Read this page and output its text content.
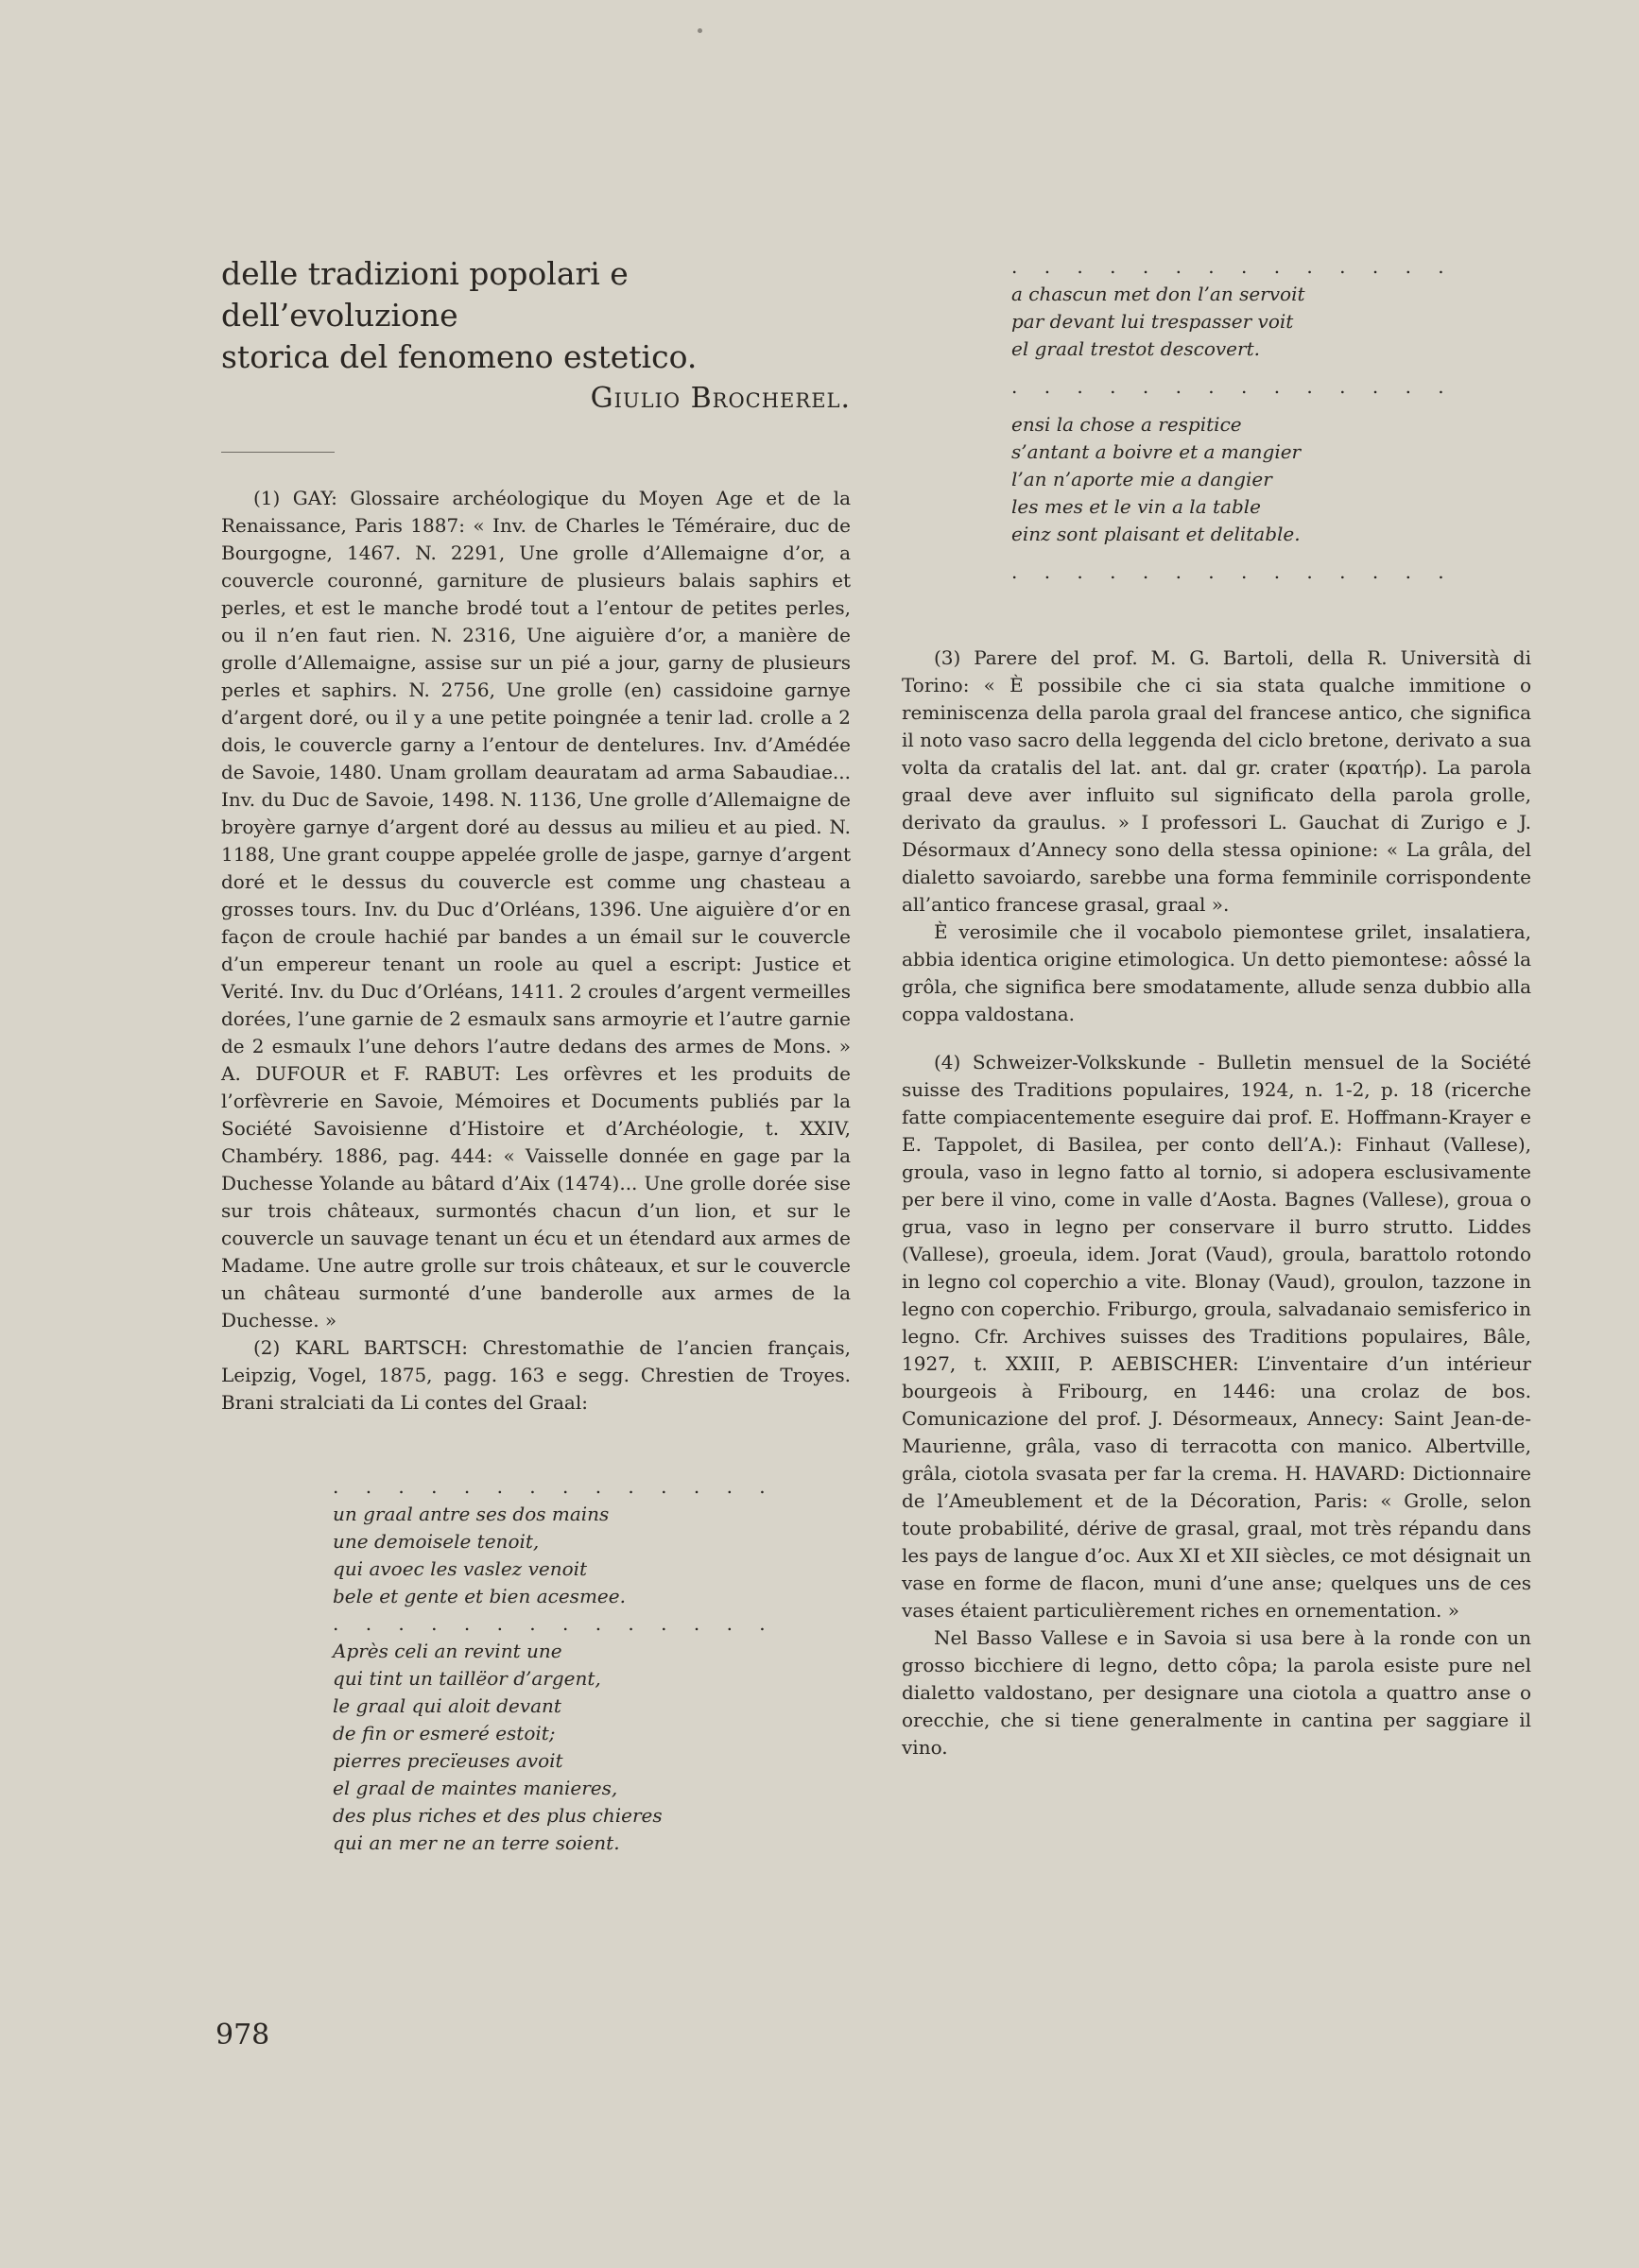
delle tradizioni popolari e dell’evoluzione
storica del fenomeno estetico.
Giulio Brocherel.

(1) GAY: Glossaire archéologique du Moyen Age et de la Renaissance, Paris 1887: « Inv. de Charles le Téméraire, duc de Bourgogne, 1467. N. 2291, Une grolle d’Allemaigne d’or, a couvercle couronné, garniture de plusieurs balais saphirs et perles, et est le manche brodé tout a l’entour de petites perles, ou il n’en faut rien. N. 2316, Une aiguière d’or, a manière de grolle d’Allemaigne, assise sur un pié a jour, garny de plusieurs perles et saphirs. N. 2756, Une grolle (en) cassidoine garnye d’argent doré, ou il y a une petite poingnée a tenir lad. crolle a 2 dois, le couvercle garny a l’entour de dentelures. Inv. d’Amédée de Savoie, 1480. Unam grollam deauratam ad arma Sabaudiae... Inv. du Duc de Savoie, 1498. N. 1136, Une grolle d’Allemaigne de broyère garnye d’argent doré au dessus au milieu et au pied. N. 1188, Une grant couppe appelée grolle de jaspe, garnye d’argent doré et le dessus du couvercle est comme ung chasteau a grosses tours. Inv. du Duc d’Orléans, 1396. Une aiguière d’or en façon de croule hachié par bandes a un émail sur le couvercle d’un empereur tenant un roole au quel a escript: Justice et Verité. Inv. du Duc d’Orléans, 1411. 2 croules d’argent vermeilles dorées, l’une garnie de 2 esmaulx sans armoyrie et l’autre garnie de 2 esmaulx l’une dehors l’autre dedans des armes de Mons. » A. DUFOUR et F. RABUT: Les orfèvres et les produits de l’orfèvrerie en Savoie, Mémoires et Documents publiés par la Société Savoisienne d’Histoire et d’Archéologie, t. XXIV, Chambéry. 1886, pag. 444: « Vaisselle donnée en gage par la Duchesse Yolande au bâtard d’Aix (1474)... Une grolle dorée sise sur trois châteaux, surmontés chacun d’un lion, et sur le couvercle un sauvage tenant un écu et un étendard aux armes de Madame. Une autre grolle sur trois châteaux, et sur le couvercle un château surmonté d’une banderolle aux armes de la Duchesse. »

(2) KARL BARTSCH: Chrestomathie de l’ancien français, Leipzig, Vogel, 1875, pagg. 163 e segg. Chrestien de Troyes. Brani stralciati da Li contes del Graal:

. . . . . . . . . . . . . .
un graal antre ses dos mains
une demoisele tenoit,
qui avoec les vaslez venoit
bele et gente et bien acesmee.
. . . . . . . . . . . . . .
Après celi an revint une
qui tint un taillëor d’argent,
le graal qui aloit devant
de fin or esmeré estoit;
pierres precïeuses avoit
el graal de maintes manieres,
des plus riches et des plus chieres
qui an mer ne an terre soient.
. . . . . . . . . . . . . .
a chascun met don l’an servoit
par devant lui trespasser voit
el graal trestot descovert.
. . . . . . . . . . . . . .
ensi la chose a respitice
s’antant a boivre et a mangier
l’an n’aporte mie a dangier
les mes et le vin a la table
einz sont plaisant et delitable.
. . . . . . . . . . . . . .

(3) Parere del prof. M. G. Bartoli, della R. Università di Torino: « È possibile che ci sia stata qualche immitione o reminiscenza della parola graal del francese antico, che significa il noto vaso sacro della leggenda del ciclo bretone, derivato a sua volta da cratalis del lat. ant. dal gr. crater (κρατήρ). La parola graal deve aver influito sul significato della parola grolle, derivato da graulus. » I professori L. Gauchat di Zurigo e J. Désormaux d’Annecy sono della stessa opinione: « La grâla, del dialetto savoiardo, sarebbe una forma femminile corrispondente all’antico francese grasal, graal ».

È verosimile che il vocabolo piemontese grilet, insalatiera, abbia identica origine etimologica. Un detto piemontese: aôssé la grôla, che significa bere smodatamente, allude senza dubbio alla coppa valdostana.

(4) Schweizer-Volkskunde - Bulletin mensuel de la Société suisse des Traditions populaires, 1924, n. 1-2, p. 18 (ricerche fatte compiacentemente eseguire dai prof. E. Hoffmann-Krayer e E. Tappolet, di Basilea, per conto dell’A.): Finhaut (Vallese), groula, vaso in legno fatto al tornio, si adopera esclusivamente per bere il vino, come in valle d’Aosta. Bagnes (Vallese), groua o grua, vaso in legno per conservare il burro strutto. Liddes (Vallese), groeula, idem. Jorat (Vaud), groula, barattolo rotondo in legno col coperchio a vite. Blonay (Vaud), groulon, tazzone in legno con coperchio. Friburgo, groula, salvadanaio semisferico in legno. Cfr. Archives suisses des Traditions populaires, Bâle, 1927, t. XXIII, P. AEBISCHER: L’inventaire d’un intérieur bourgeois à Fribourg, en 1446: una crolaz de bos. Comunicazione del prof. J. Désormeaux, Annecy: Saint Jean-de-Maurienne, grâla, vaso di terracotta con manico. Albertville, grâla, ciotola svasata per far la crema. H. HAVARD: Dictionnaire de l’Ameublement et de la Décoration, Paris: « Grolle, selon toute probabilité, dérive de grasal, graal, mot très répandu dans les pays de langue d’oc. Aux XI et XII siècles, ce mot désignait un vase en forme de flacon, muni d’une anse; quelques uns de ces vases étaient particulièrement riches en ornementation. »

Nel Basso Vallese e in Savoia si usa bere à la ronde con un grosso bicchiere di legno, detto côpa; la parola esiste pure nel dialetto valdostano, per designare una ciotola a quattro anse o orecchie, che si tiene generalmente in cantina per saggiare il vino.

978
